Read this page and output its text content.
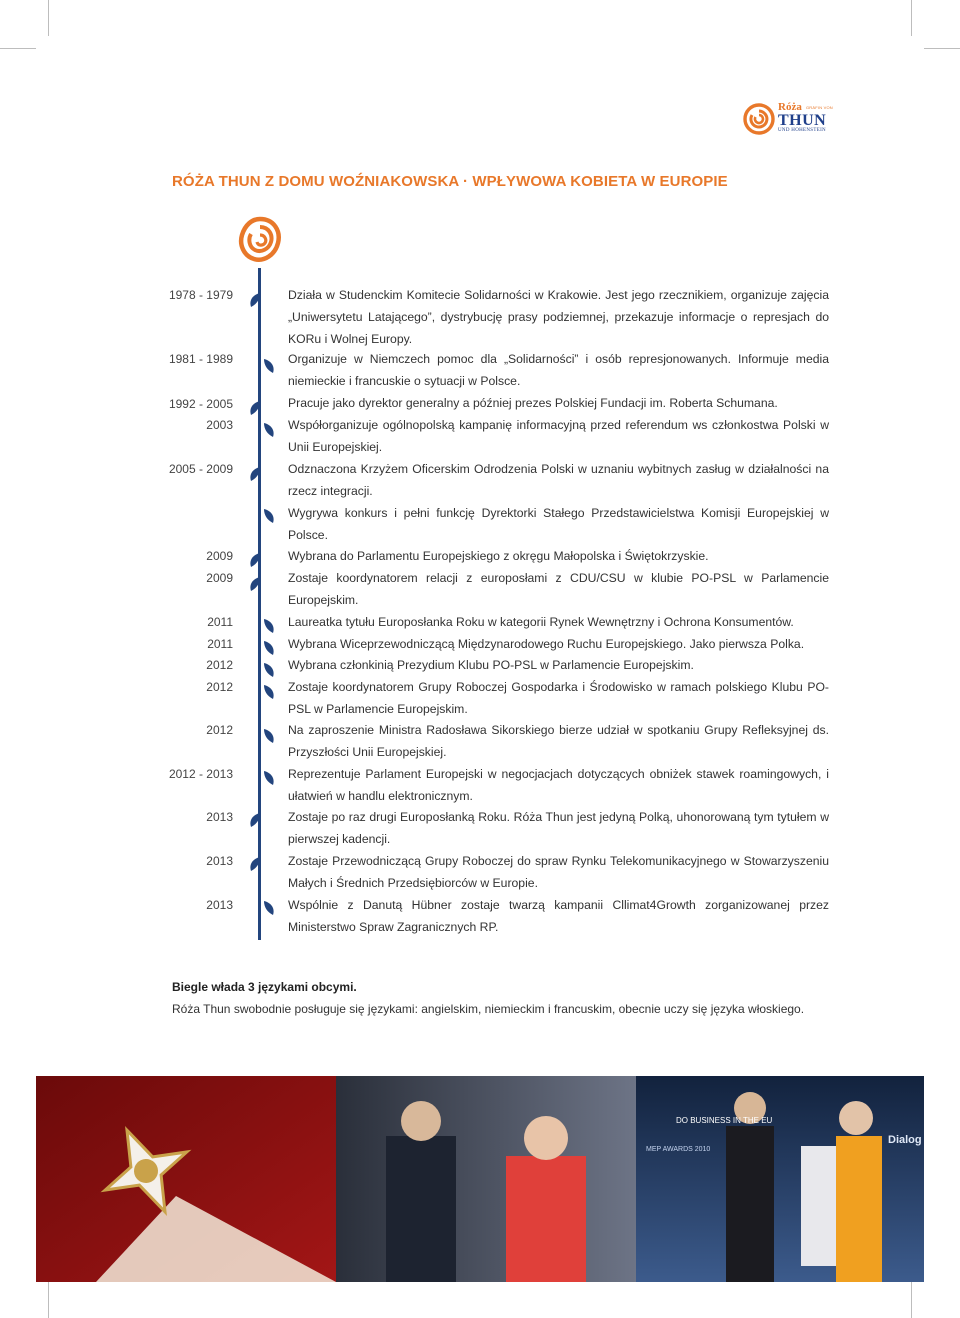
Róża
THUN
UND HOHENSTEIN
GRÄFIN VON
RÓŻA THUN Z DOMU WOŹNIAKOWSKA · WPŁYWOWA KOBIETA W EUROPIE
1978 - 1979	Działa w Studenckim Komitecie Solidarności w Krakowie. Jest jego rzecznikiem, organizuje zajęcia „Uniwersytetu Latającego”, dystrybucję prasy podziemnej, przekazuje informacje o represjach do KORu i Wolnej Europy.
1981 - 1989	Organizuje w Niemczech pomoc dla „Solidarności” i osób represjonowanych. Informuje media niemieckie i francuskie o sytuacji w Polsce.
1992 - 2005	Pracuje jako dyrektor generalny a później prezes Polskiej Fundacji im. Roberta Schumana.
2003	Współorganizuje ogólnopolską kampanię informacyjną przed referendum ws członkostwa Polski w Unii Europejskiej.
2005 - 2009	Odznaczona Krzyżem Oficerskim Odrodzenia Polski w uznaniu wybitnych zasług w działalności na rzecz integracji.
Wygrywa konkurs i pełni funkcję Dyrektorki Stałego Przedstawicielstwa Komisji Europejskiej w Polsce.
2009	Wybrana do Parlamentu Europejskiego z okręgu Małopolska i Świętokrzyskie.
2009	Zostaje koordynatorem relacji z europosłami z CDU/CSU w klubie PO-PSL w Parlamencie Europejskim.
2011	Laureatka tytułu Europosłanka Roku w kategorii Rynek Wewnętrzny i Ochrona Konsumentów.
2011	Wybrana Wiceprzewodniczącą Międzynarodowego Ruchu Europejskiego. Jako pierwsza Polka.
2012	Wybrana członkinią Prezydium Klubu PO-PSL w Parlamencie Europejskim.
2012	Zostaje koordynatorem Grupy Roboczej Gospodarka i Środowisko w ramach polskiego Klubu PO-PSL w Parlamencie Europejskim.
2012	Na zaproszenie Ministra Radosława Sikorskiego bierze udział w spotkaniu Grupy Refleksyjnej ds. Przyszłości Unii Europejskiej.
2012 - 2013	Reprezentuje Parlament Europejski w negocjacjach dotyczących obniżek stawek roamingowych, i ułatwień w handlu elektronicznym.
2013	Zostaje po raz drugi Europosłanką Roku. Róża Thun jest jedyną Polką, uhonorowaną tym tytułem w pierwszej kadencji.
2013	Zostaje Przewodniczącą Grupy Roboczej do spraw Rynku Telekomunikacyjnego w Stowarzyszeniu Małych i Średnich Przedsiębiorców w Europie.
2013	Wspólnie z Danutą Hübner zostaje twarzą kampanii Cllimat4Growth zorganizowanej przez Ministerstwo Spraw Zagranicznych RP.
Biegle włada 3 językami obcymi.
Róża Thun swobodnie posługuje się językami: angielskim, niemieckim i francuskim, obecnie uczy się języka włoskiego.
Dialog
DO BUSINESS IN THE EU
MEP AWARDS 2010
